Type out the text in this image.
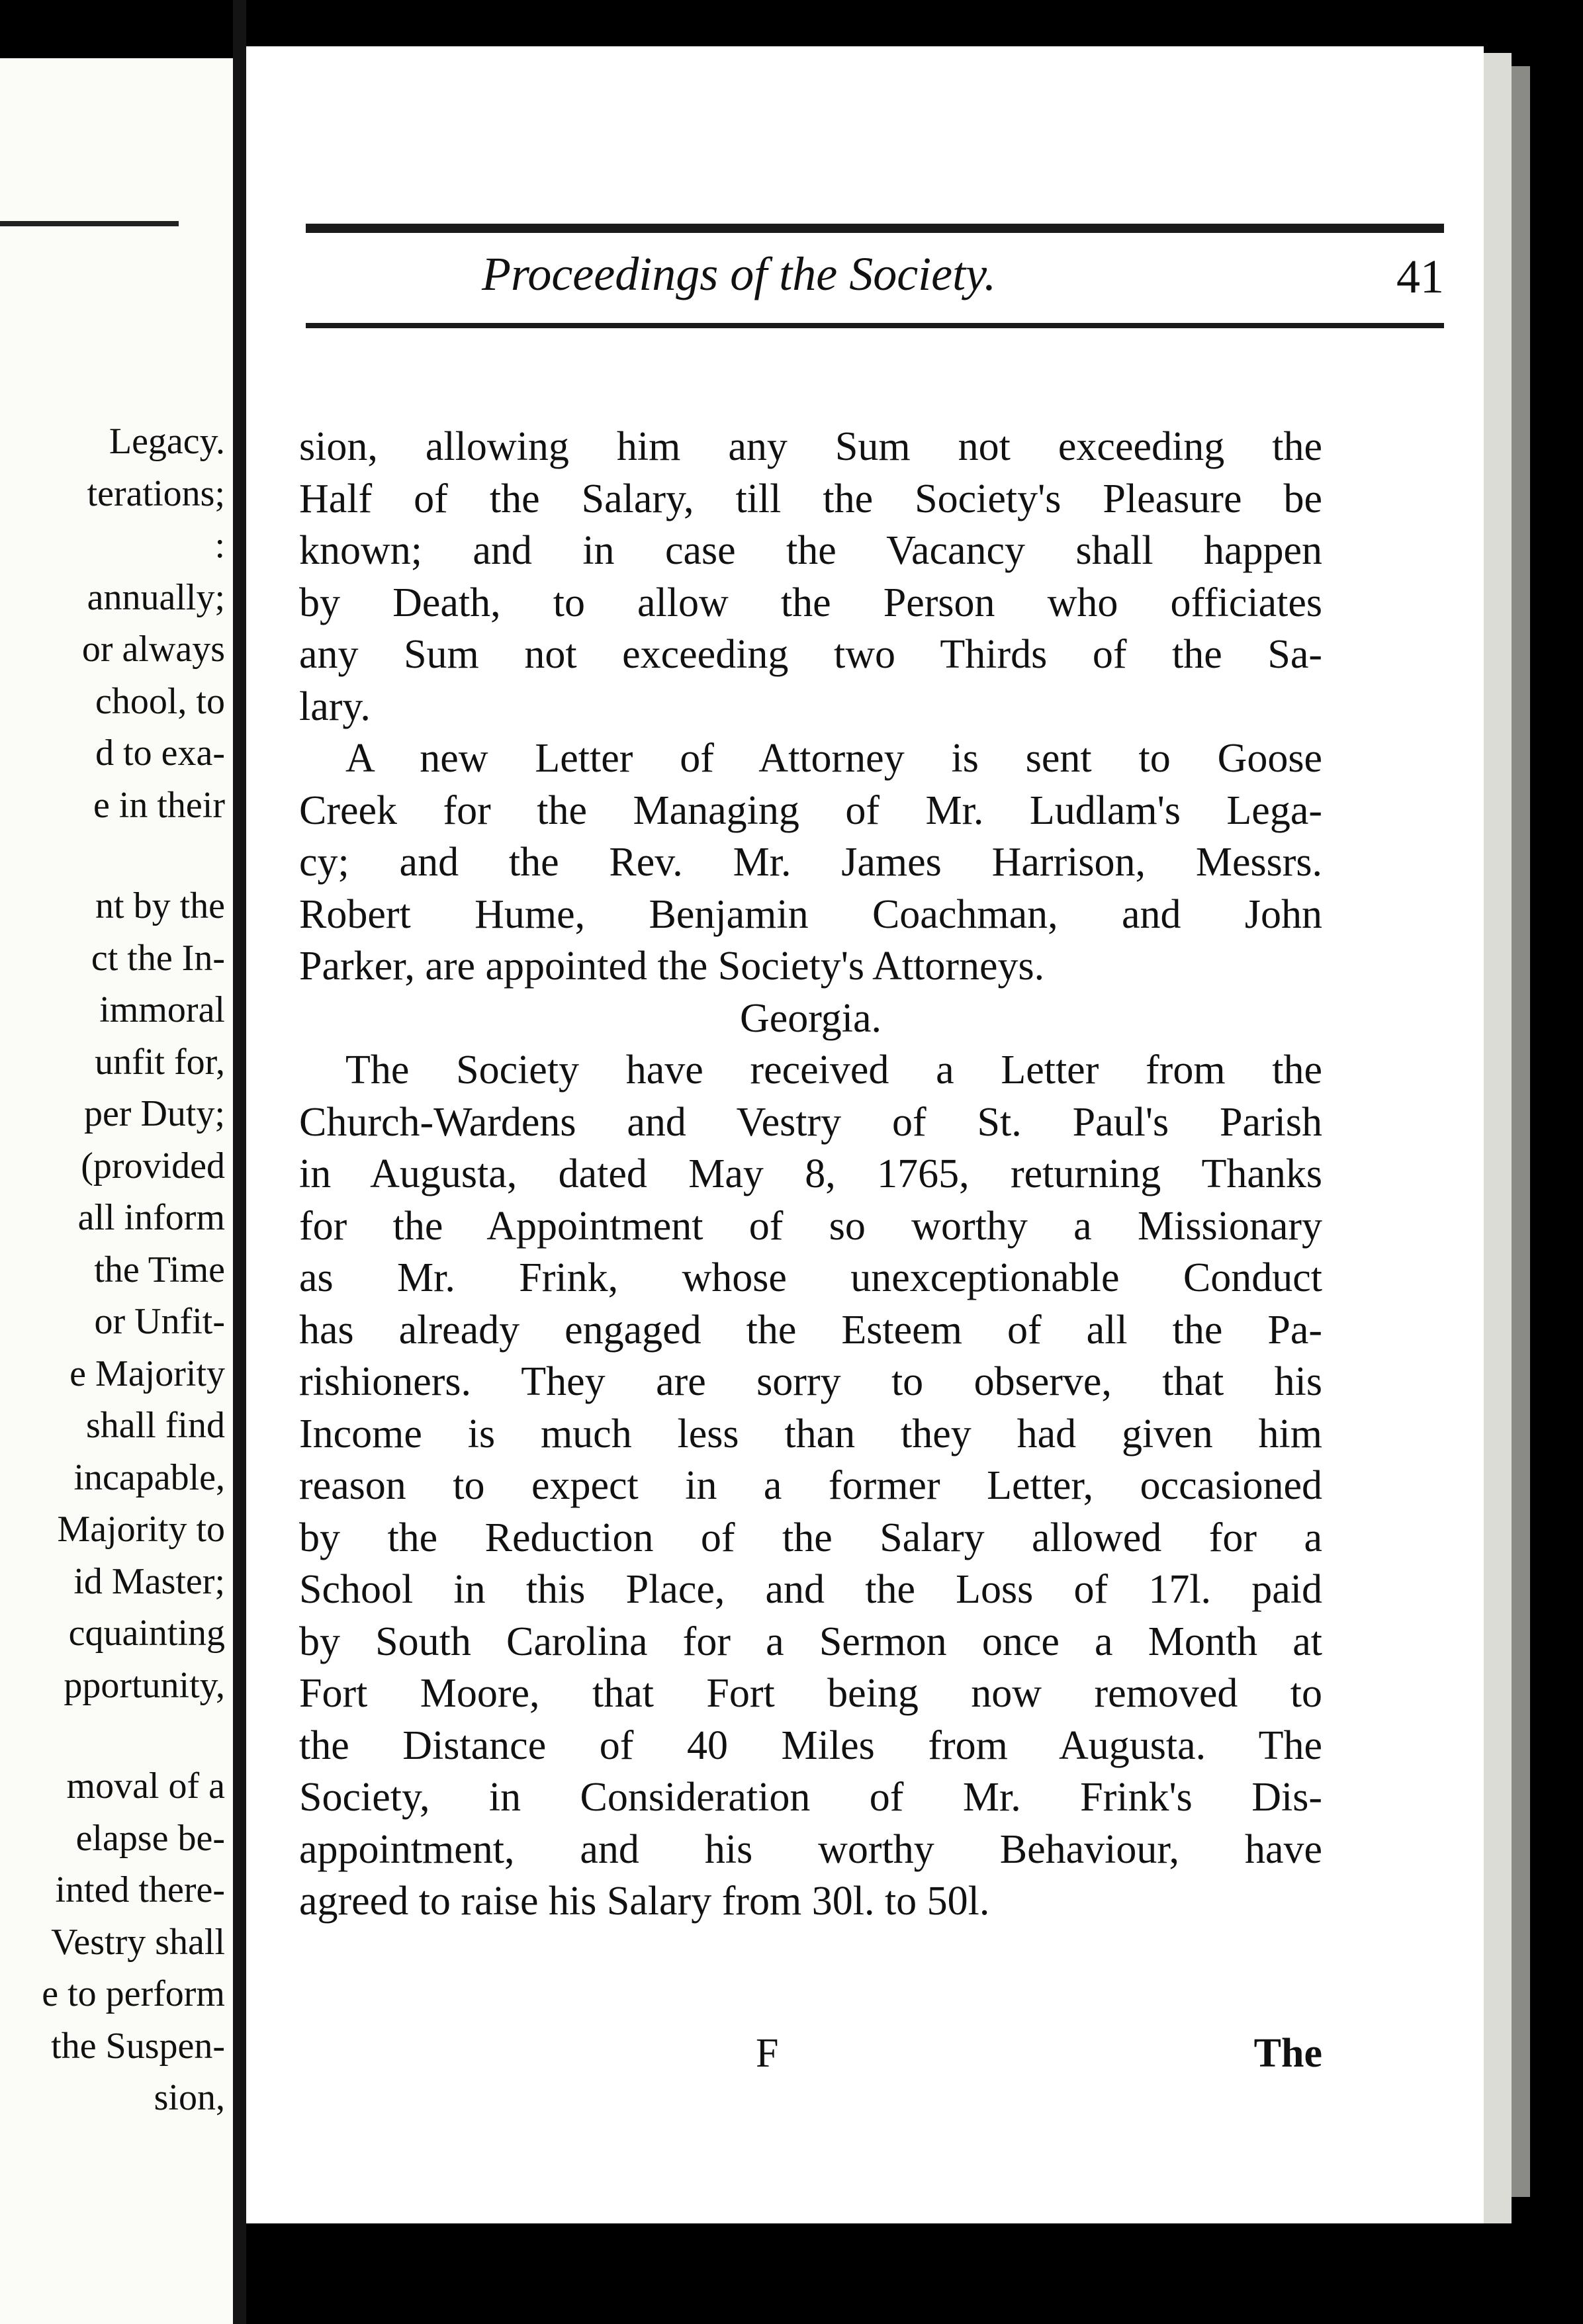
Legacy.
terations;
:
annually;
or always
chool, to
d to exa-
e in their
nt by the
ct the In-
immoral
unfit for,
per Duty;
(provided
all inform
the Time
or Unfit-
e Majority
shall find
incapable,
Majority to
id Master;
cquainting
pportunity,
moval of a
elapse be-
inted there-
Vestry shall
e to perform
the Suspen-
sion,
Proceedings of the Society.	41
sion, allowing him any Sum not exceeding the
Half of the Salary, till the Society's Pleasure be
known; and in case the Vacancy shall happen
by Death, to allow the Person who officiates
any Sum not exceeding two Thirds of the Sa-
lary.
A new Letter of Attorney is sent to Goose
Creek for the Managing of Mr. Ludlam's Lega-
cy; and the Rev. Mr. James Harrison, Messrs.
Robert Hume, Benjamin Coachman, and John
Parker, are appointed the Society's Attorneys.
Georgia.
The Society have received a Letter from the
Church-Wardens and Vestry of St. Paul's Parish
in Augusta, dated May 8, 1765, returning Thanks
for the Appointment of so worthy a Missionary
as Mr. Frink, whose unexceptionable Conduct
has already engaged the Esteem of all the Pa-
rishioners. They are sorry to observe, that his
Income is much less than they had given him
reason to expect in a former Letter, occasioned
by the Reduction of the Salary allowed for a
School in this Place, and the Loss of 17l. paid
by South Carolina for a Sermon once a Month at
Fort Moore, that Fort being now removed to
the Distance of 40 Miles from Augusta. The
Society, in Consideration of Mr. Frink's Dis-
appointment, and his worthy Behaviour, have
agreed to raise his Salary from 30l. to 50l.
F	The
